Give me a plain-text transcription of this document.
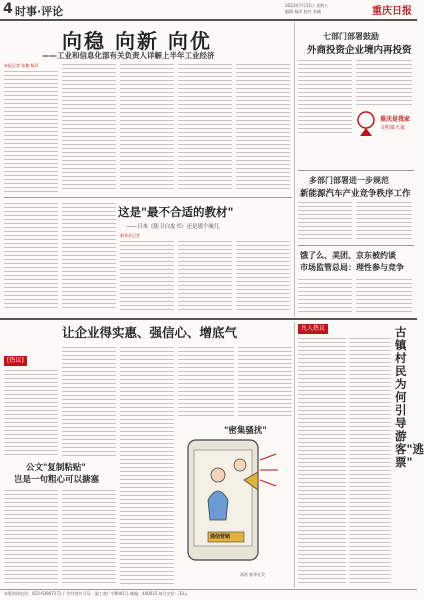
4 时事·评论	2023年7月21日 星期五
编辑 杨洋 校对 张楠	重庆日报
向稳 向新 向优
——工业和信息化部有关负责人详解上半年工业经济
本报记者 张楠 杨洋
七部门部署鼓励
外商投资企业境内再投资
重庆是我家
文明靠大家
多部门部署进一步规范
新能源汽车产业竞争秩序工作
饿了么、美团、京东被约谈
市场监管总局：理性参与竞争
这是"最不合适的教材"
——日本《防卫白皮书》还是那个味儿
新华社记者
让企业得实惠、强信心、增底气
[热议]
公文"复制粘贴"
岂是一句粗心可以搪塞
"密集骚扰"
通信营销
蒋跃 新华社发
凡人热议	古镇村民为何引导游客"逃票"
本版热线电话：023-63907171 广告经营许可证：渝工商广字8001号 邮编：400015 每月定价：33元
